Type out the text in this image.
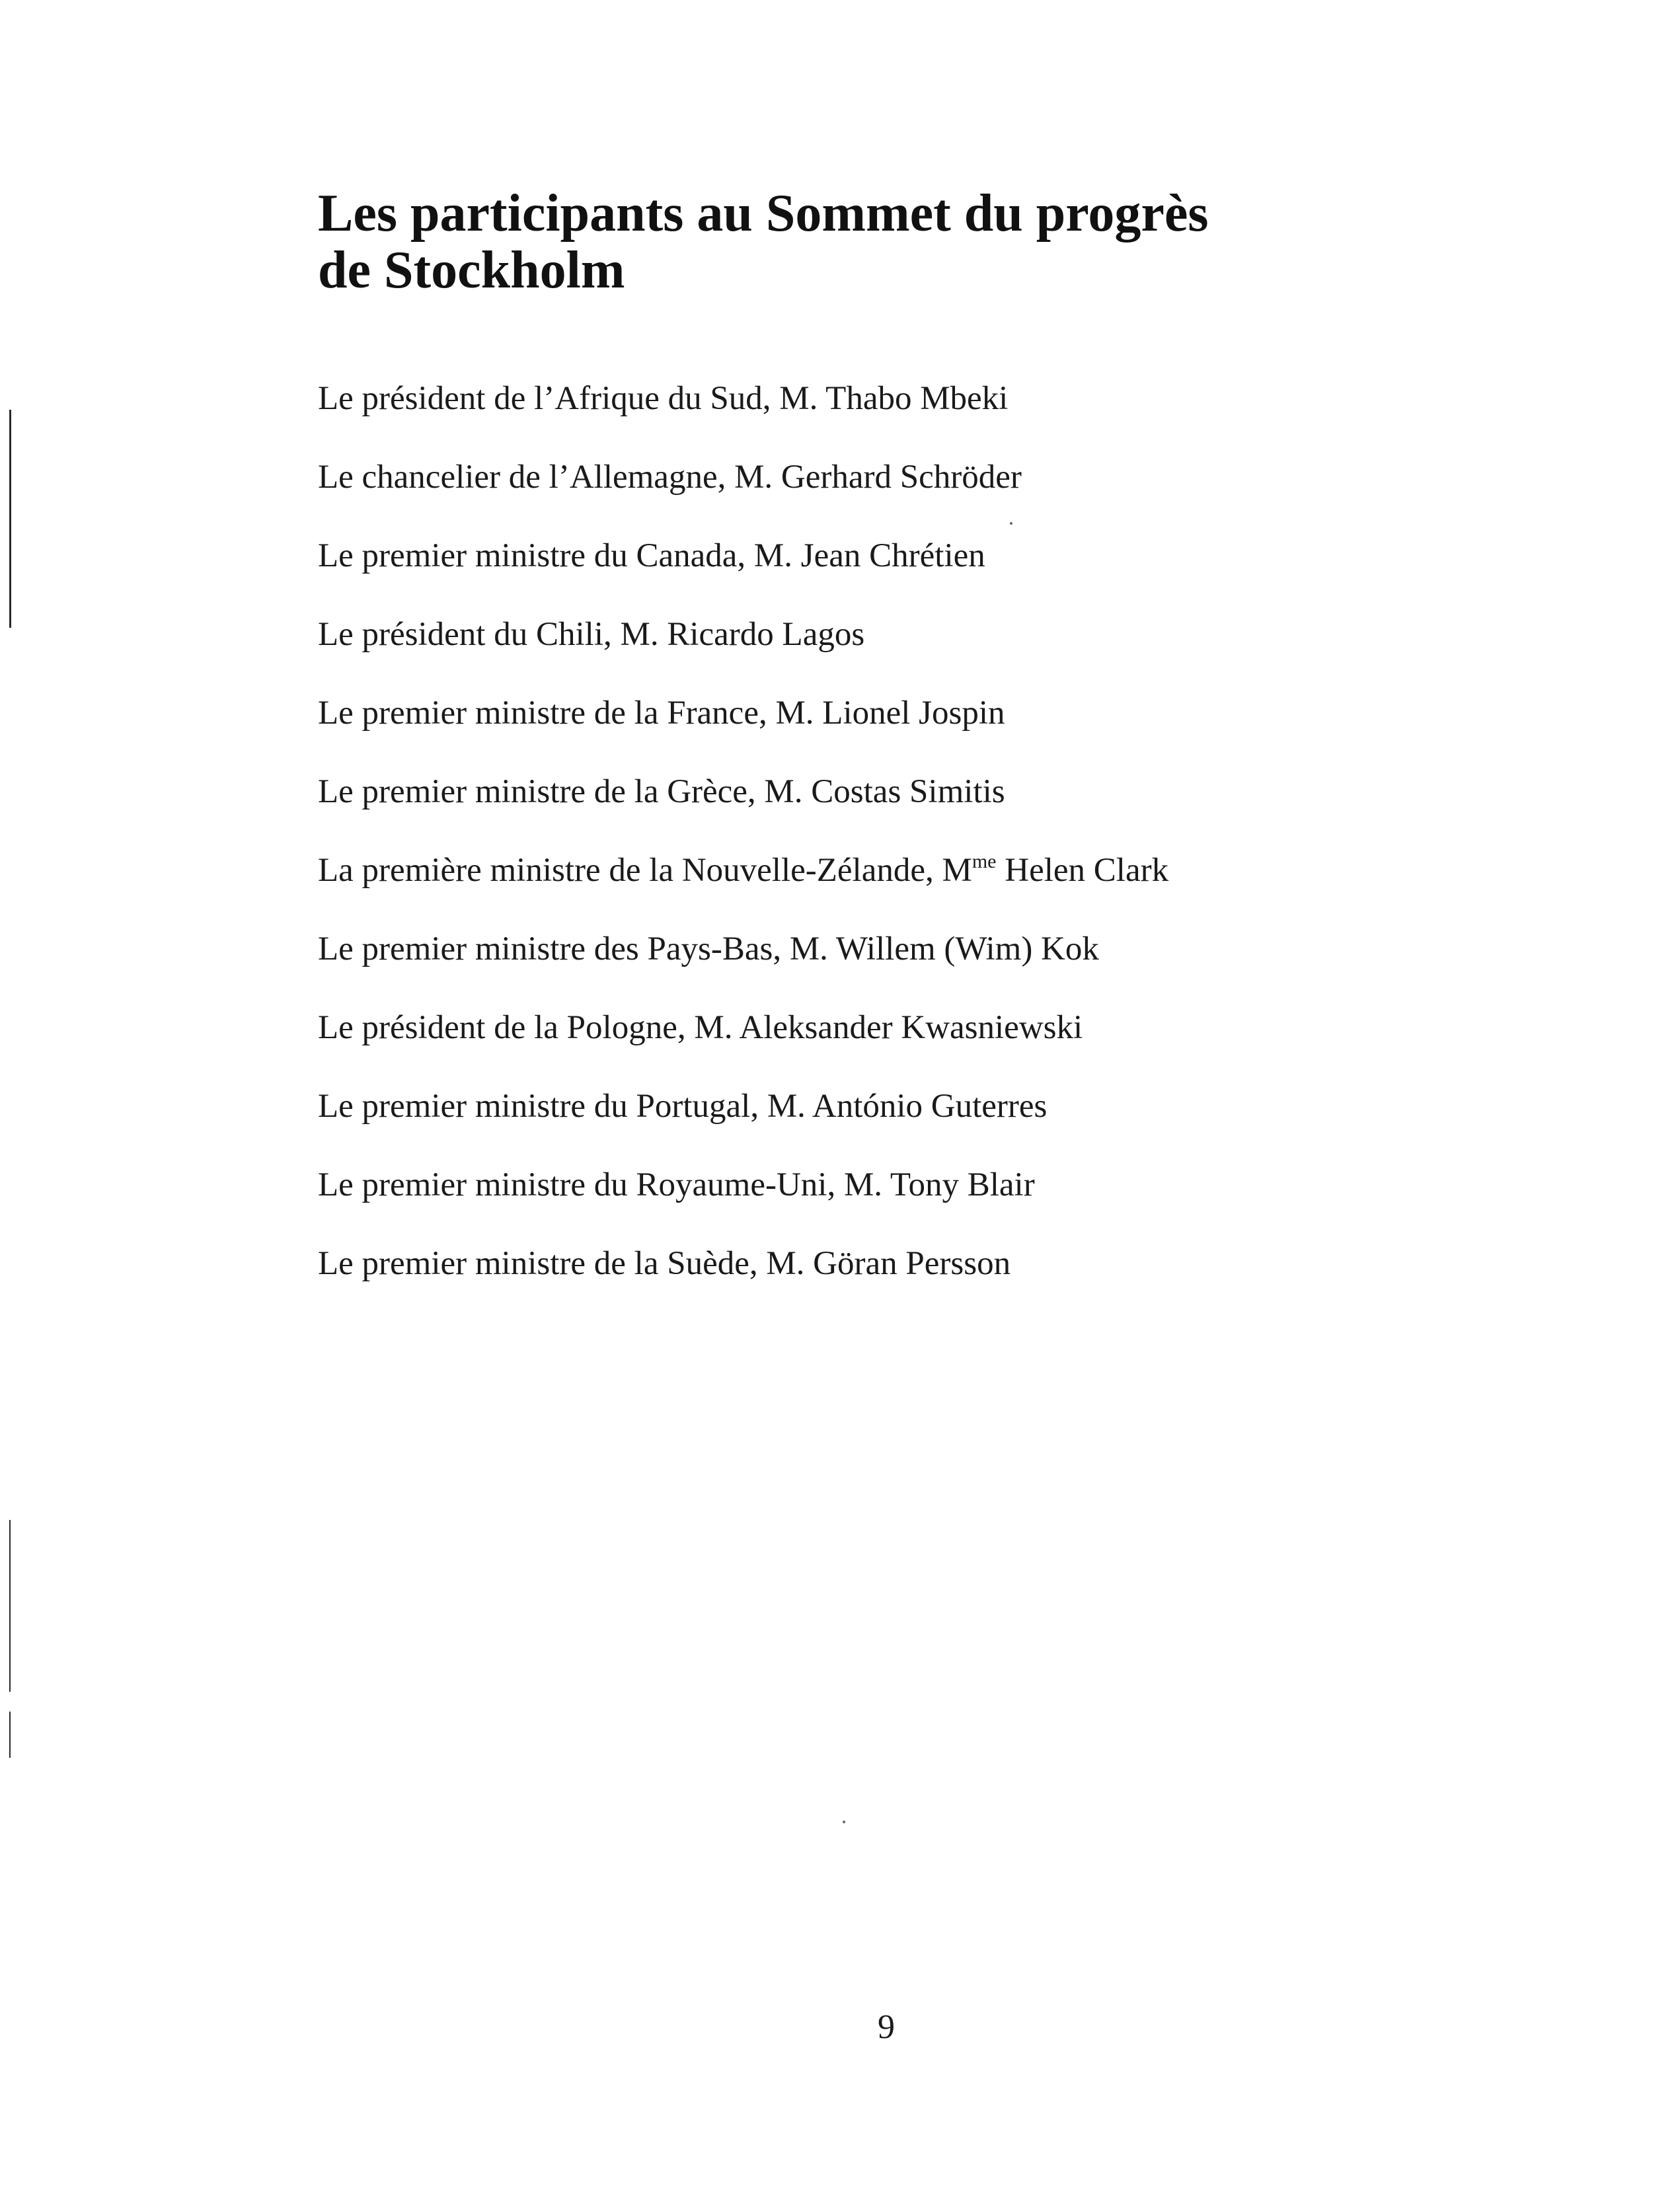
Les participants au Sommet du progrès
de Stockholm
Le président de l’Afrique du Sud, M. Thabo Mbeki
Le chancelier de l’Allemagne, M. Gerhard Schröder
Le premier ministre du Canada, M. Jean Chrétien
Le président du Chili, M. Ricardo Lagos
Le premier ministre de la France, M. Lionel Jospin
Le premier ministre de la Grèce, M. Costas Simitis
La première ministre de la Nouvelle-Zélande, $M^{me}$ Helen Clark
Le premier ministre des Pays-Bas, M. Willem (Wim) Kok
Le président de la Pologne, M. Aleksander Kwasniewski
Le premier ministre du Portugal, M. António Guterres
Le premier ministre du Royaume-Uni, M. Tony Blair
Le premier ministre de la Suède, M. Göran Persson
9
